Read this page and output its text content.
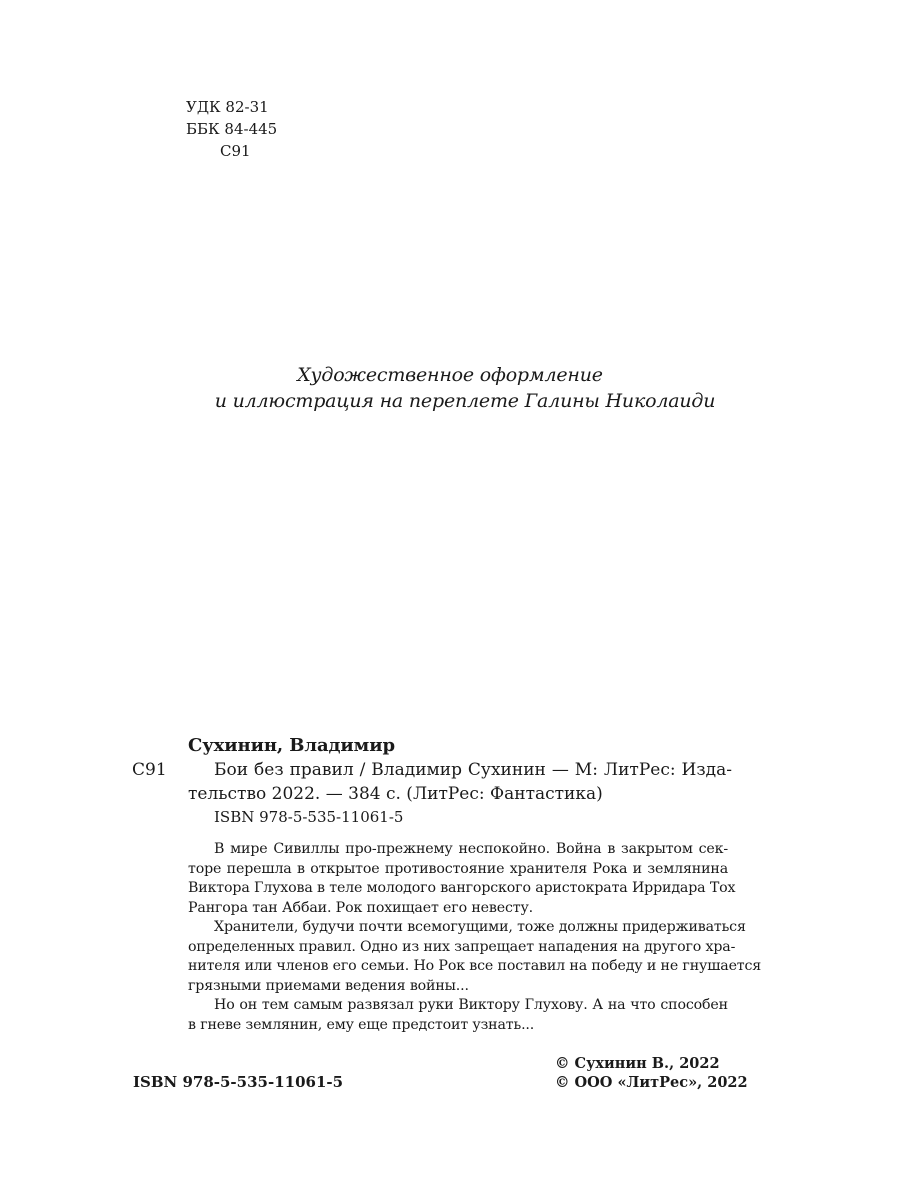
УДК 82-31
ББК 84-445
С91
Художественное оформление
и иллюстрация на переплете Галины Николаиди
Сухинин, Владимир
С91	Бои без правил / Владимир Сухинин — М: ЛитРес: Изда-
тельство 2022. — 384 с. (ЛитРес: Фантастика)
ISBN 978-5-535-11061-5
В мире Сивиллы про-прежнему неспокойно. Война в закрытом сек-
торе перешла в открытое противостояние хранителя Рока и землянина
Виктора Глухова в теле молодого вангорского аристократа Ирридара Тох
Рангора тан Аббаи. Рок похищает его невесту.
Хранители, будучи почти всемогущими, тоже должны придерживаться
определенных правил. Одно из них запрещает нападения на другого хра-
нителя или членов его семьи. Но Рок все поставил на победу и не гнушается
грязными приемами ведения войны...
Но он тем самым развязал руки Виктору Глухову. А на что способен
в гневе землянин, ему еще предстоит узнать...
ISBN 978-5-535-11061-5
© Сухинин В., 2022
© ООО «ЛитРес», 2022
